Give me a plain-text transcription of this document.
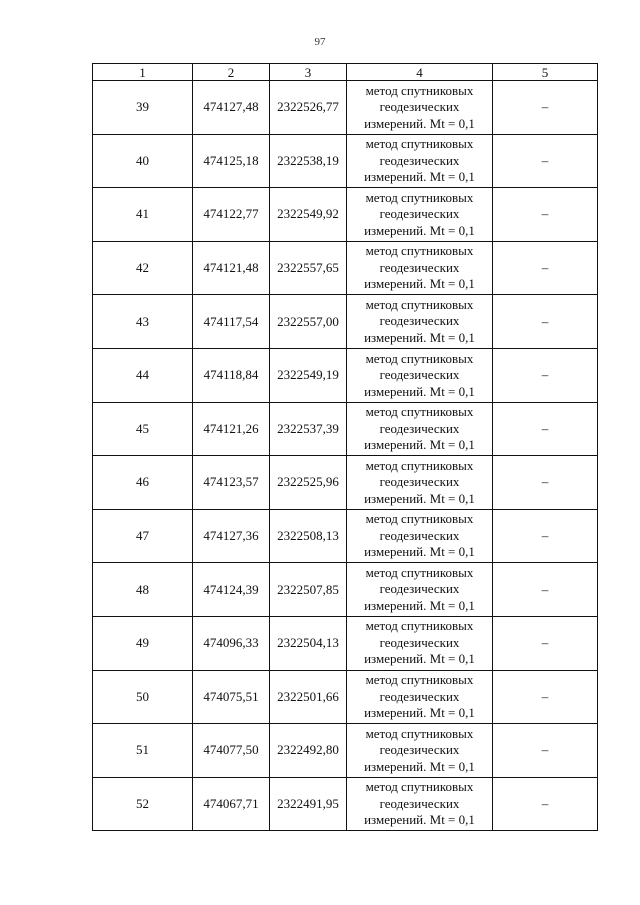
97
1	2	3	4	5
39	474127,48	2322526,77	метод спутниковых
геодезических
измерений. Mt = 0,1	–
40	474125,18	2322538,19	метод спутниковых
геодезических
измерений. Mt = 0,1	–
41	474122,77	2322549,92	метод спутниковых
геодезических
измерений. Mt = 0,1	–
42	474121,48	2322557,65	метод спутниковых
геодезических
измерений. Mt = 0,1	–
43	474117,54	2322557,00	метод спутниковых
геодезических
измерений. Mt = 0,1	–
44	474118,84	2322549,19	метод спутниковых
геодезических
измерений. Mt = 0,1	–
45	474121,26	2322537,39	метод спутниковых
геодезических
измерений. Mt = 0,1	–
46	474123,57	2322525,96	метод спутниковых
геодезических
измерений. Mt = 0,1	–
47	474127,36	2322508,13	метод спутниковых
геодезических
измерений. Mt = 0,1	–
48	474124,39	2322507,85	метод спутниковых
геодезических
измерений. Mt = 0,1	–
49	474096,33	2322504,13	метод спутниковых
геодезических
измерений. Mt = 0,1	–
50	474075,51	2322501,66	метод спутниковых
геодезических
измерений. Mt = 0,1	–
51	474077,50	2322492,80	метод спутниковых
геодезических
измерений. Mt = 0,1	–
52	474067,71	2322491,95	метод спутниковых
геодезических
измерений. Mt = 0,1	–
